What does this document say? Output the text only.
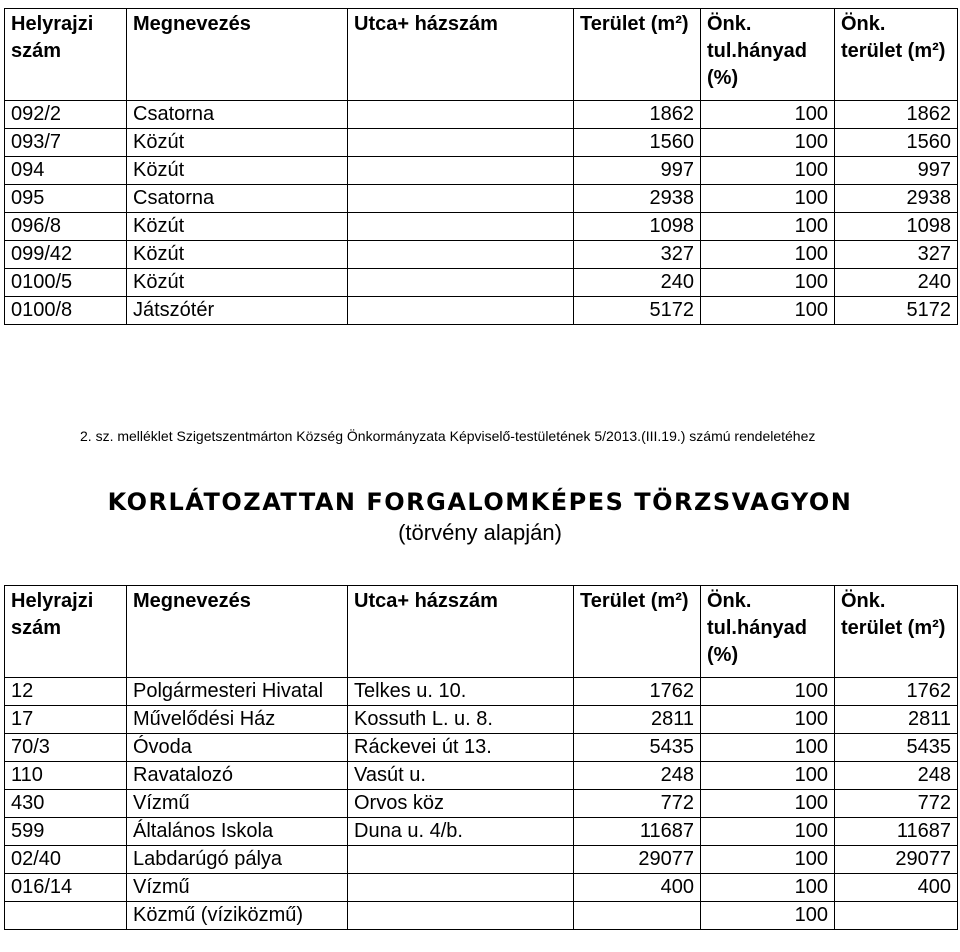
Helyrajzi szám	Megnevezés	Utca+ házszám	Terület (m²)	Önk. tul.hányad (%)	Önk. terület (m²)
092/2	Csatorna		1862	100	1862
093/7	Közút		1560	100	1560
094	Közút		997	100	997
095	Csatorna		2938	100	2938
096/8	Közút		1098	100	1098
099/42	Közút		327	100	327
0100/5	Közút		240	100	240
0100/8	Játszótér		5172	100	5172
2. sz. melléklet Szigetszentmárton Község Önkormányzata Képviselő-testületének 5/2013.(III.19.) számú rendeletéhez
KORLÁTOZATTAN FORGALOMKÉPES TÖRZSVAGYON
(törvény alapján)
Helyrajzi szám	Megnevezés	Utca+ házszám	Terület (m²)	Önk. tul.hányad (%)	Önk. terület (m²)
12	Polgármesteri Hivatal	Telkes u. 10.	1762	100	1762
17	Művelődési Ház	Kossuth L. u. 8.	2811	100	2811
70/3	Óvoda	Ráckevei út 13.	5435	100	5435
110	Ravatalozó	Vasút u.	248	100	248
430	Vízmű	Orvos köz	772	100	772
599	Általános Iskola	Duna u. 4/b.	11687	100	11687
02/40	Labdarúgó pálya		29077	100	29077
016/14	Vízmű		400	100	400
	Közmű (víziközmű)			100	
